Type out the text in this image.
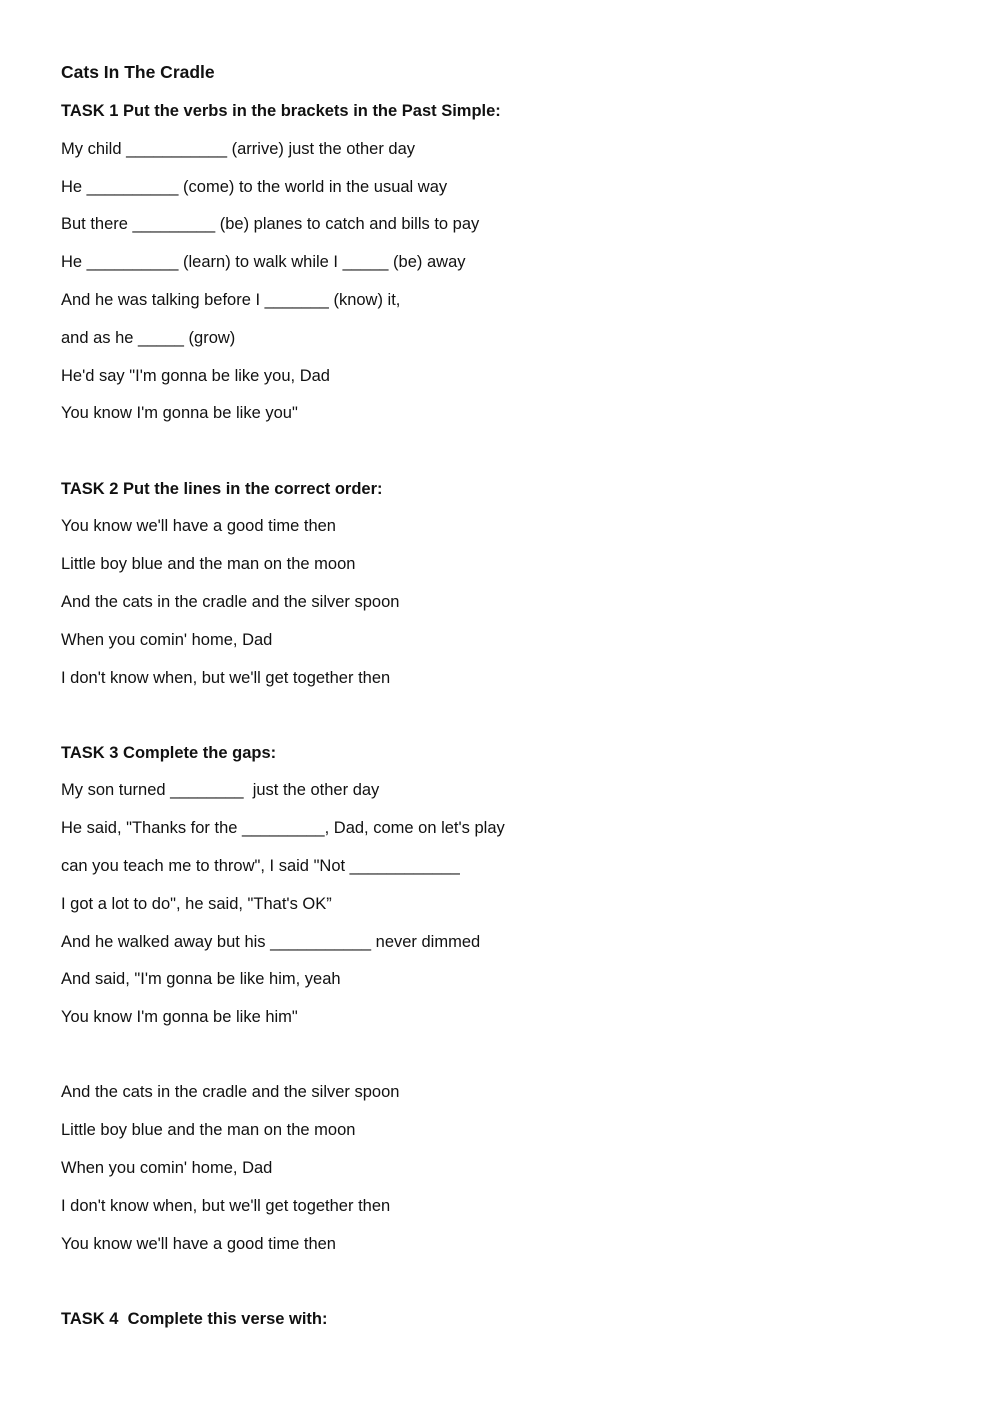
Cats In The Cradle
TASK 1 Put the verbs in the brackets in the Past Simple:
My child ___________ (arrive) just the other day
He __________ (come) to the world in the usual way
But there _________ (be) planes to catch and bills to pay
He __________ (learn) to walk while I _____ (be) away
And he was talking before I _______ (know) it,
and as he _____ (grow)
He'd say "I'm gonna be like you, Dad
You know I'm gonna be like you"
TASK 2 Put the lines in the correct order:
You know we'll have a good time then
Little boy blue and the man on the moon
And the cats in the cradle and the silver spoon
When you comin' home, Dad
I don't know when, but we'll get together then
TASK 3 Complete the gaps:
My son turned ________  just the other day
He said, "Thanks for the _________, Dad, come on let's play
can you teach me to throw", I said "Not ____________
I got a lot to do", he said, "That's OK”
And he walked away but his ___________ never dimmed
And said, "I'm gonna be like him, yeah
You know I'm gonna be like him"
And the cats in the cradle and the silver spoon
Little boy blue and the man on the moon
When you comin' home, Dad
I don't know when, but we'll get together then
You know we'll have a good time then
TASK 4  Complete this verse with:
